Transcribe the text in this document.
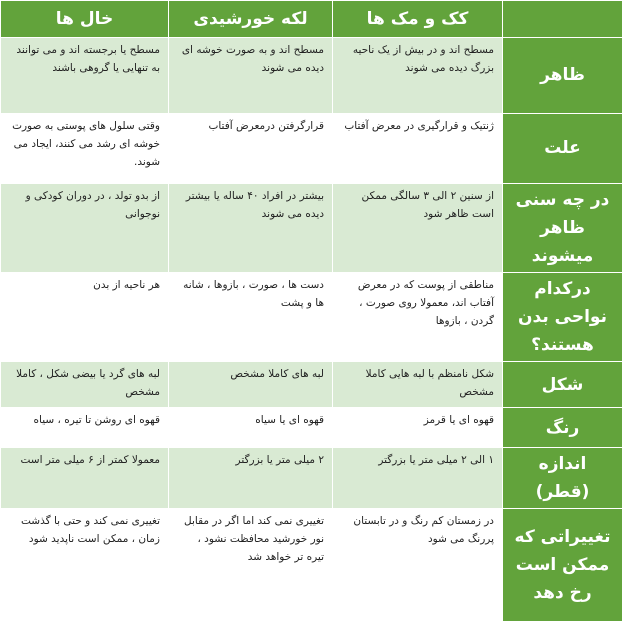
	کک و مک ها	لکه خورشیدی	خال ها
ظاهر	مسطح اند و در بیش از یک ناحیه بزرگ دیده می شوند	مسطح اند و به صورت خوشه ای دیده می شوند	مسطح یا برجسته اند و می توانند به تنهایی یا گروهی باشند
علت	ژنتیک و قرارگیری در معرض آفتاب	قرارگرفتن درمعرض آفتاب	وقتی سلول های پوستی به صورت خوشه ای رشد می کنند، ایجاد می شوند.
در چه سنی ظاهر میشوند	از سنین ۲ الی ۳ سالگی ممکن است ظاهر شود	بیشتر در افراد ۴۰ ساله یا بیشتر دیده می شوند	از بدو تولد ، در دوران کودکی و نوجوانی
درکدام نواحی بدن هستند؟	مناطقی از پوست که در معرض آفتاب اند، معمولا روی صورت ، گردن ، بازوها	دست ها ، صورت ، بازوها ، شانه ها و پشت	هر ناحیه از بدن
شکل	شکل نامنظم با لبه هایی کاملا مشخص	لبه های کاملا مشخص	لبه های گرد یا بیضی شکل ، کاملا مشخص
رنگ	قهوه ای یا قرمز	قهوه ای یا سیاه	قهوه ای روشن تا تیره ، سیاه
اندازه (قطر)	۱ الی ۲ میلی متر یا بزرگتر	۲ میلی متر یا بزرگتر	معمولا کمتر از ۶ میلی متر است
تغییراتی که ممکن است رخ دهد	در زمستان کم رنگ و در تابستان پررنگ می شود	تغییری نمی کند اما اگر در مقابل نور خورشید محافظت نشود ، تیره تر خواهد شد	تغییری نمی کند و حتی با گذشت زمان ، ممکن است ناپدید شود
